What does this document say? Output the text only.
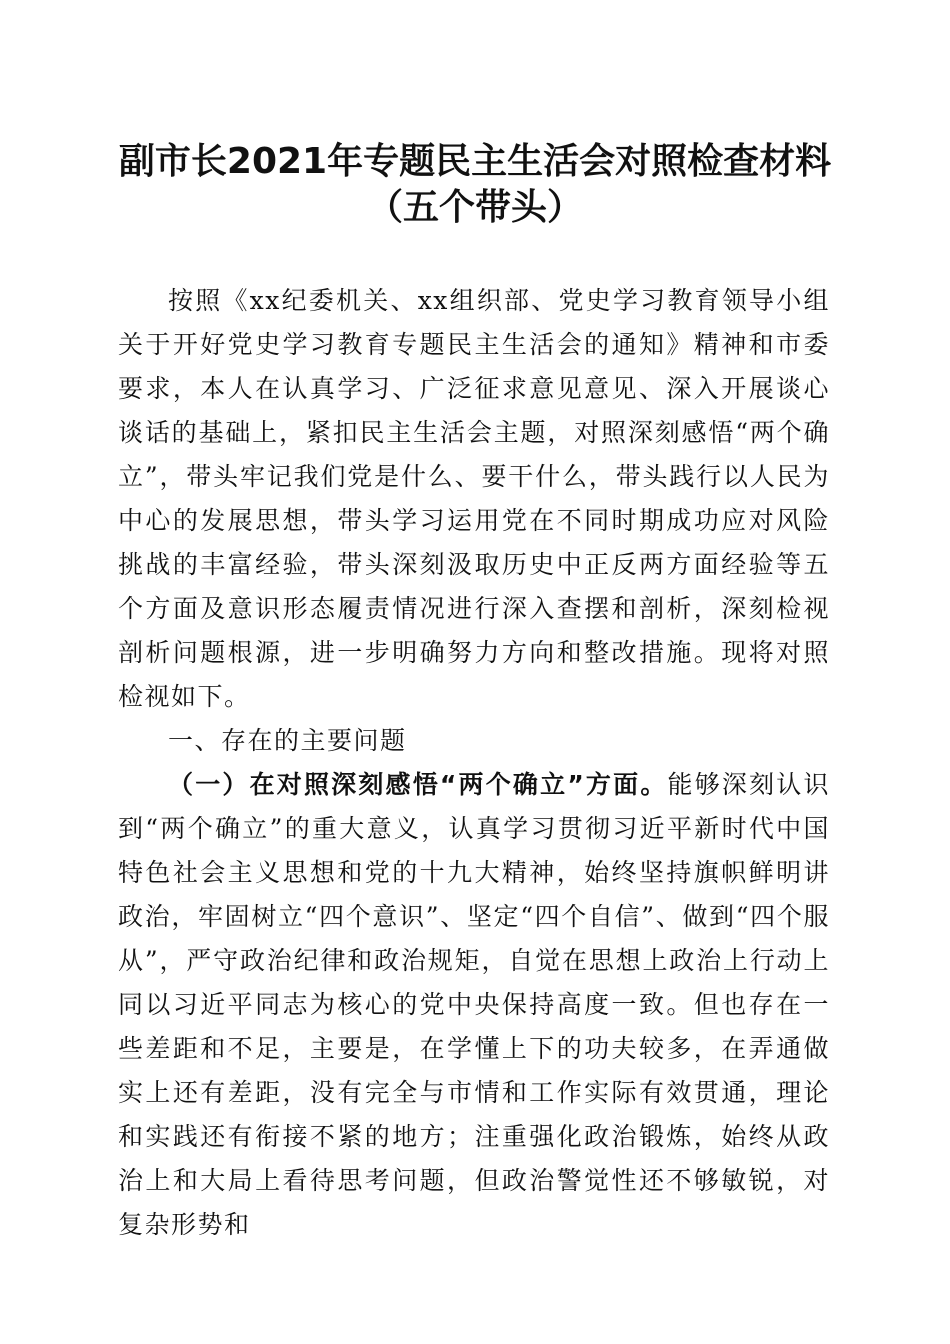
副市长2021年专题民主生活会对照检查材料
（五个带头）

按照《xx纪委机关、xx组织部、党史学习教育领导小组关于开好党史学习教育专题民主生活会的通知》精神和市委要求，本人在认真学习、广泛征求意见意见、深入开展谈心谈话的基础上，紧扣民主生活会主题，对照深刻感悟“两个确立”，带头牢记我们党是什么、要干什么，带头践行以人民为中心的发展思想，带头学习运用党在不同时期成功应对风险挑战的丰富经验，带头深刻汲取历史中正反两方面经验等五个方面及意识形态履责情况进行深入查摆和剖析，深刻检视剖析问题根源，进一步明确努力方向和整改措施。现将对照检视如下。

一、存在的主要问题

（一）在对照深刻感悟“两个确立”方面。能够深刻认识到“两个确立”的重大意义，认真学习贯彻习近平新时代中国特色社会主义思想和党的十九大精神，始终坚持旗帜鲜明讲政治，牢固树立“四个意识”、坚定“四个自信”、做到“四个服从”，严守政治纪律和政治规矩，自觉在思想上政治上行动上同以习近平同志为核心的党中央保持高度一致。但也存在一些差距和不足，主要是，在学懂上下的功夫较多，在弄通做实上还有差距，没有完全与市情和工作实际有效贯通，理论和实践还有衔接不紧的地方；注重强化政治锻炼，始终从政治上和大局上看待思考问题，但政治警觉性还不够敏锐，对复杂形势和
